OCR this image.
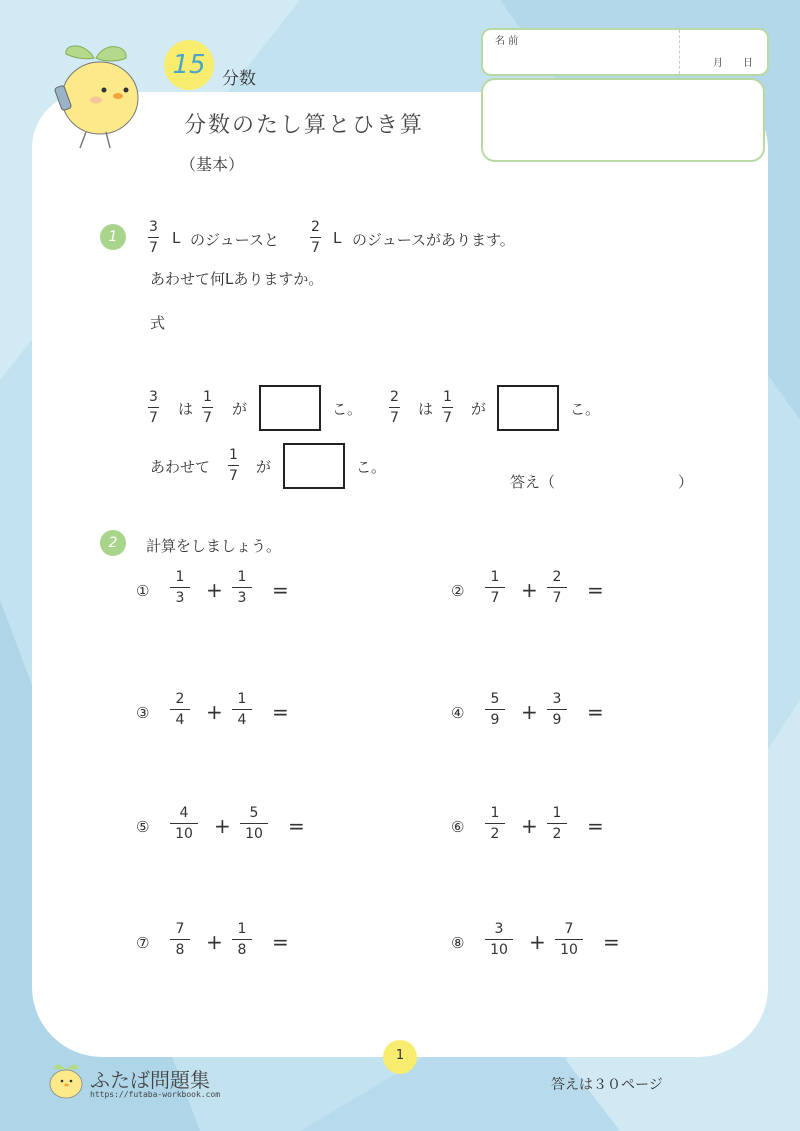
15 分数
分数のたし算とひき算
（基本）
名 前
月 日
1	$\frac{3}{7}$ L のジュースと $\frac{2}{7}$ L のジュースがあります。
あわせて何Lありますか。
式
$\frac{3}{7}$ は $\frac{1}{7}$ が	こ。 $\frac{2}{7}$ は $\frac{1}{7}$ が	こ。
あわせて $\frac{1}{7}$ が	こ。
答え（	）
2	計算をしましょう。
① $\frac{1}{3} + \frac{1}{3}$ =	② $\frac{1}{7} + \frac{2}{7}$ =
③ $\frac{2}{4} + \frac{1}{4}$ =	④ $\frac{5}{9} + \frac{3}{9}$ =
⑤ $\frac{4}{10} + \frac{5}{10}$ =	⑥ $\frac{1}{2} + \frac{1}{2}$ =
⑦ $\frac{7}{8} + \frac{1}{8}$ =	⑧ $\frac{3}{10} + \frac{7}{10}$ =
1
ふたば問題集
https://futaba-workbook.com
答えは３０ページ
